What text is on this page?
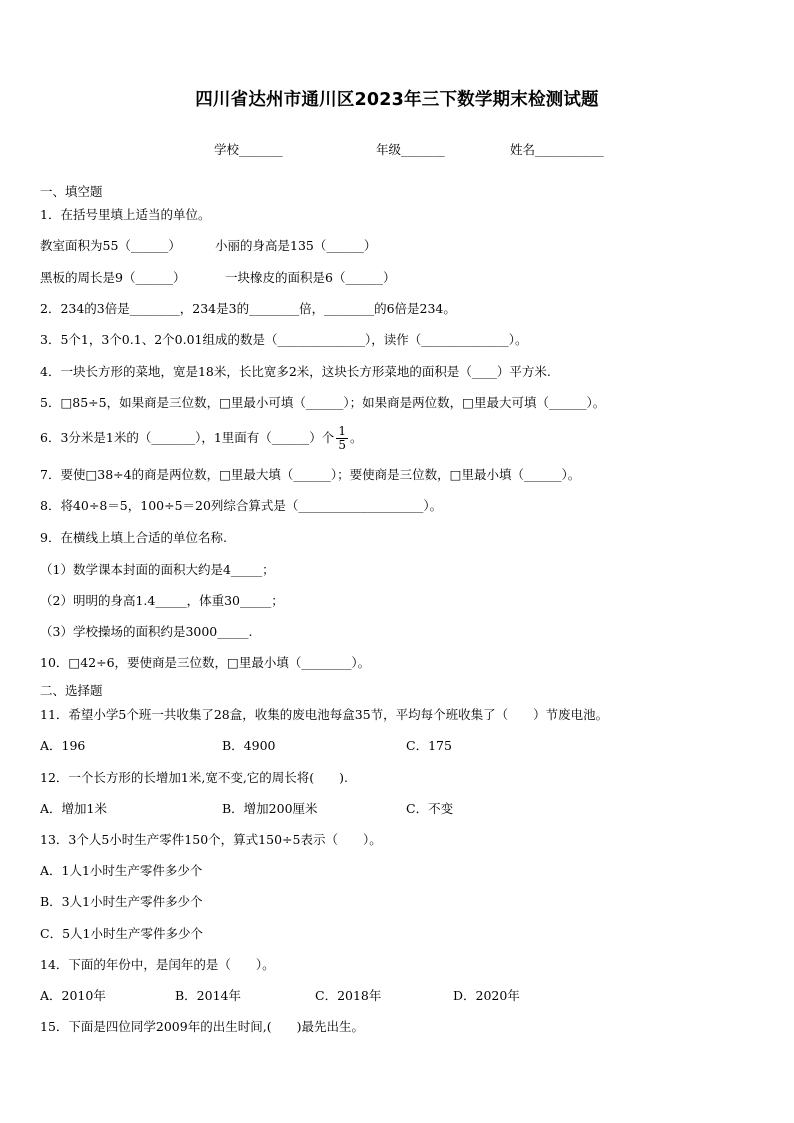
四川省达州市通川区2023年三下数学期末检测试题
学校_______	年级_______	姓名___________
一、填空题
1．在括号里填上适当的单位。
教室面积为55（______）	小丽的身高是135（______）
黑板的周长是9（______）	一块橡皮的面积是6（______）
2．234的3倍是________，234是3的________倍，________的6倍是234。
3．5个1，3个0.1、2个0.01组成的数是（______________），读作（______________）。
4．一块长方形的菜地，宽是18米，长比宽多2米，这块长方形菜地的面积是（____）平方米.
5．□85÷5，如果商是三位数，□里最小可填（______）；如果商是两位数，□里最大可填（______）。
6．3分米是1米的（_______），1里面有（______）个 $\frac{1}{5}$ 。
7．要使□38÷4的商是两位数，□里最大填（______）；要使商是三位数，□里最小填（______）。
8．将40÷8＝5，100÷5＝20列综合算式是（____________________）。
9．在横线上填上合适的单位名称.
（1）数学课本封面的面积大约是4_____；
（2）明明的身高1.4_____，体重30_____；
（3）学校操场的面积约是3000_____.
10．□42÷6，要使商是三位数，□里最小填（________）。
二、选择题
11．希望小学5个班一共收集了28盒，收集的废电池每盒35节，平均每个班收集了（　　）节废电池。
A．196	B．4900	C．175
12．一个长方形的长增加1米,宽不变,它的周长将(　　).
A．增加1米	B．增加200厘米	C．不变
13．3个人5小时生产零件150个，算式150÷5表示（　　）。
A．1人1小时生产零件多少个
B．3人1小时生产零件多少个
C．5人1小时生产零件多少个
14．下面的年份中，是闰年的是（　　）。
A．2010年	B．2014年	C．2018年	D．2020年
15．下面是四位同学2009年的出生时间,(　　)最先出生。
